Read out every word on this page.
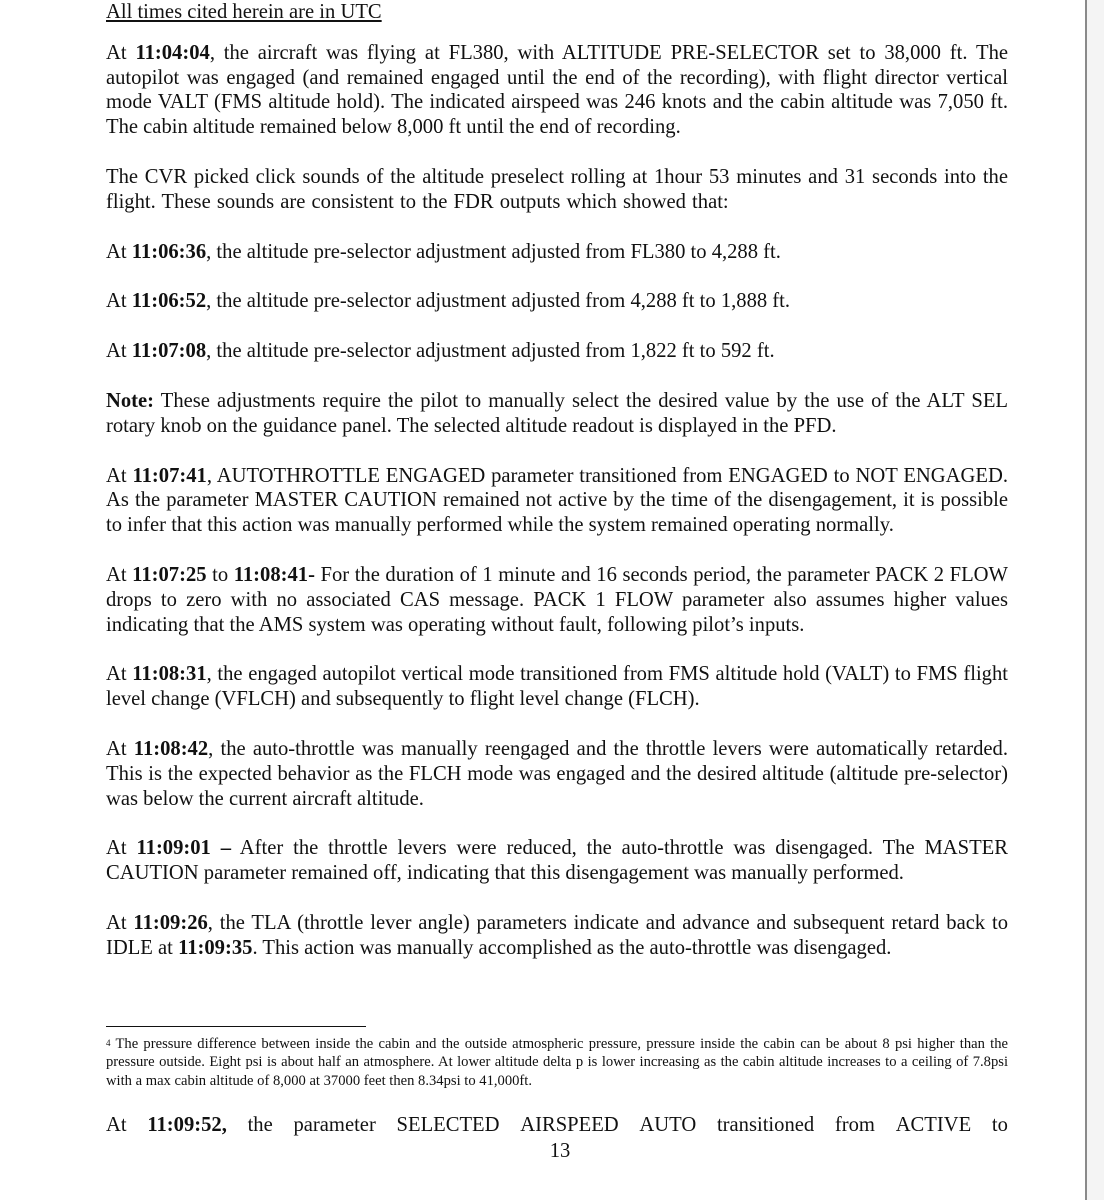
All times cited herein are in UTC

At 11:04:04, the aircraft was flying at FL380, with ALTITUDE PRE-SELECTOR set to 38,000 ft. The autopilot was engaged (and remained engaged until the end of the recording), with flight director vertical mode VALT (FMS altitude hold). The indicated airspeed was 246 knots and the cabin altitude was 7,050 ft. The cabin altitude remained below 8,000 ft until the end of recording.

The CVR picked click sounds of the altitude preselect rolling at 1hour 53 minutes and 31 seconds into the flight. These sounds are consistent to the FDR outputs which showed that:

At 11:06:36, the altitude pre-selector adjustment adjusted from FL380 to 4,288 ft.

At 11:06:52, the altitude pre-selector adjustment adjusted from 4,288 ft to 1,888 ft.

At 11:07:08, the altitude pre-selector adjustment adjusted from 1,822 ft to 592 ft.

Note: These adjustments require the pilot to manually select the desired value by the use of the ALT SEL rotary knob on the guidance panel. The selected altitude readout is displayed in the PFD.

At 11:07:41, AUTOTHROTTLE ENGAGED parameter transitioned from ENGAGED to NOT ENGAGED. As the parameter MASTER CAUTION remained not active by the time of the disengagement, it is possible to infer that this action was manually performed while the system remained operating normally.

At 11:07:25 to 11:08:41- For the duration of 1 minute and 16 seconds period, the parameter PACK 2 FLOW drops to zero with no associated CAS message. PACK 1 FLOW parameter also assumes higher values indicating that the AMS system was operating without fault, following pilot’s inputs.

At 11:08:31, the engaged autopilot vertical mode transitioned from FMS altitude hold (VALT) to FMS flight level change (VFLCH) and subsequently to flight level change (FLCH).

At 11:08:42, the auto-throttle was manually reengaged and the throttle levers were automatically retarded. This is the expected behavior as the FLCH mode was engaged and the desired altitude (altitude pre-selector) was below the current aircraft altitude.

At 11:09:01 – After the throttle levers were reduced, the auto-throttle was disengaged. The MASTER CAUTION parameter remained off, indicating that this disengagement was manually performed.

At 11:09:26, the TLA (throttle lever angle) parameters indicate and advance and subsequent retard back to IDLE at 11:09:35. This action was manually accomplished as the auto-throttle was disengaged.

$^4$ The pressure difference between inside the cabin and the outside atmospheric pressure, pressure inside the cabin can be about 8 psi higher than the pressure outside. Eight psi is about half an atmosphere. At lower altitude delta p is lower increasing as the cabin altitude increases to a ceiling of 7.8psi with a max cabin altitude of 8,000 at 37000 feet then 8.34psi to 41,000ft.

At 11:09:52, the parameter SELECTED AIRSPEED AUTO transitioned from ACTIVE to
13
